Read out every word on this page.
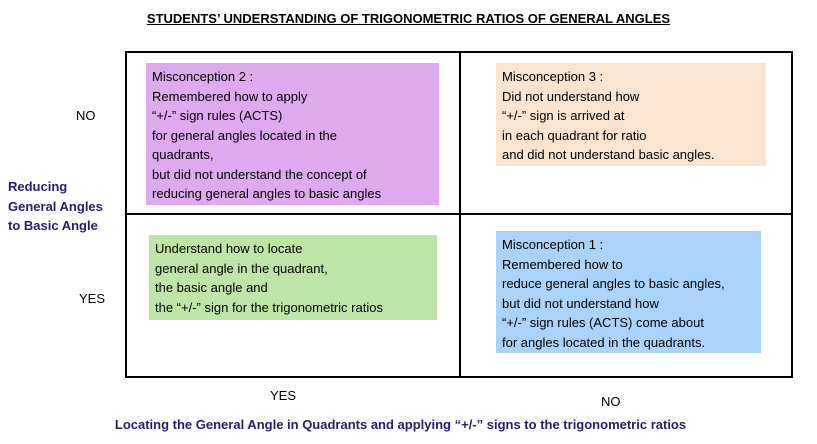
STUDENTS’ UNDERSTANDING OF TRIGONOMETRIC RATIOS OF GENERAL ANGLES
Reducing
General Angles
to Basic Angle
NO
YES
YES	NO
Locating the General Angle in Quadrants and applying “+/-” signs to the trigonometric ratios
Misconception 2 :
Remembered how to apply
“+/-” sign rules (ACTS)
for general angles located in the
quadrants,
but did not understand the concept of
reducing general angles to basic angles
Misconception 3 :
Did not understand how
“+/-” sign is arrived at
in each quadrant for ratio
and did not understand basic angles.
Understand how to locate
general angle in the quadrant,
the basic angle and
the “+/-” sign for the trigonometric ratios
Misconception 1 :
Remembered how to
reduce general angles to basic angles,
but did not understand how
“+/-” sign rules (ACTS) come about
for angles located in the quadrants.
